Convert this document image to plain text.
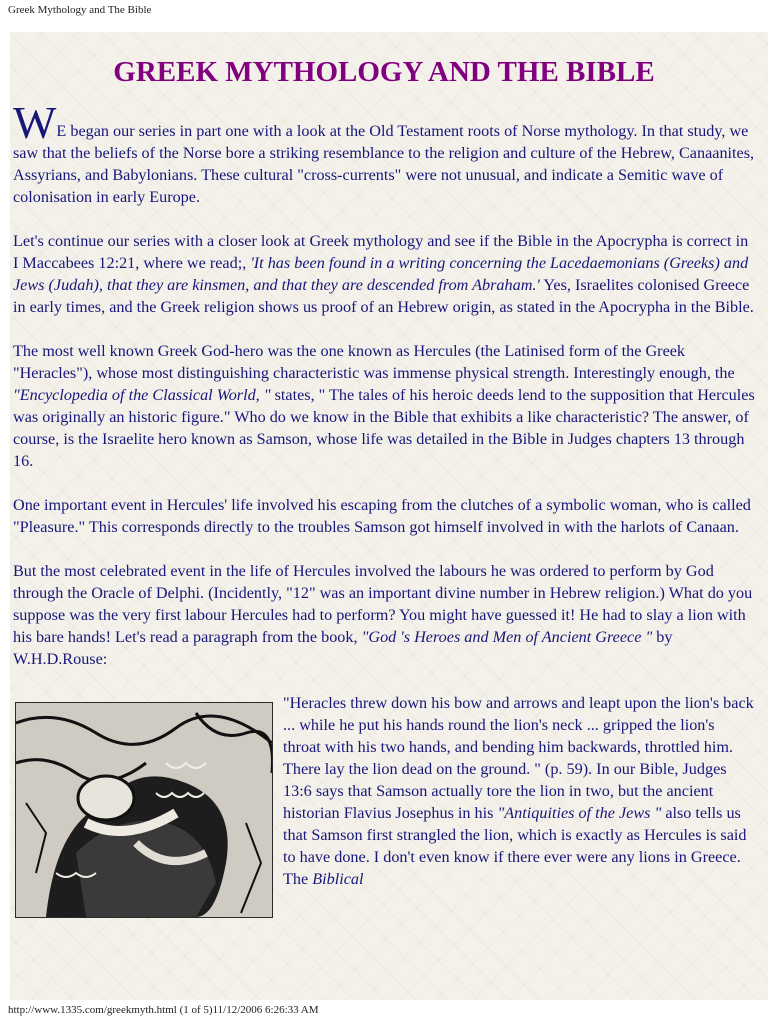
Greek Mythology and The Bible
GREEK MYTHOLOGY AND THE BIBLE

WE began our series in part one with a look at the Old Testament roots of Norse mythology. In that study, we saw that the beliefs of the Norse bore a striking resemblance to the religion and culture of the Hebrew, Canaanites, Assyrians, and Babylonians. These cultural "cross-currents" were not unusual, and indicate a Semitic wave of colonisation in early Europe.

Let's continue our series with a closer look at Greek mythology and see if the Bible in the Apocrypha is correct in I Maccabees 12:21, where we read;, 'It has been found in a writing concerning the Lacedaemonians (Greeks) and Jews (Judah), that they are kinsmen, and that they are descended from Abraham.' Yes, Israelites colonised Greece in early times, and the Greek religion shows us proof of an Hebrew origin, as stated in the Apocrypha in the Bible.

The most well known Greek God-hero was the one known as Hercules (the Latinised form of the Greek "Heracles"), whose most distinguishing characteristic was immense physical strength. Interestingly enough, the "Encyclopedia of the Classical World, " states, " The tales of his heroic deeds lend to the supposition that Hercules was originally an historic figure." Who do we know in the Bible that exhibits a like characteristic? The answer, of course, is the Israelite hero known as Samson, whose life was detailed in the Bible in Judges chapters 13 through 16.

One important event in Hercules' life involved his escaping from the clutches of a symbolic woman, who is called "Pleasure." This corresponds directly to the troubles Samson got himself involved in with the harlots of Canaan.

But the most celebrated event in the life of Hercules involved the labours he was ordered to perform by God through the Oracle of Delphi. (Incidently, "12" was an important divine number in Hebrew religion.) What do you suppose was the very first labour Hercules had to perform? You might have guessed it! He had to slay a lion with his bare hands! Let's read a paragraph from the book, "God 's Heroes and Men of Ancient Greece " by W.H.D.Rouse:

"Heracles threw down his bow and arrows and leapt upon the lion's back ... while he put his hands round the lion's neck ... gripped the lion's throat with his two hands, and bending him backwards, throttled him. There lay the lion dead on the ground. " (p. 59). In our Bible, Judges 13:6 says that Samson actually tore the lion in two, but the ancient historian Flavius Josephus in his "Antiquities of the Jews " also tells us that Samson first strangled the lion, which is exactly as Hercules is said to have done. I don't even know if there ever were any lions in Greece. The Biblical

http://www.1335.com/greekmyth.html (1 of 5)11/12/2006 6:26:33 AM
